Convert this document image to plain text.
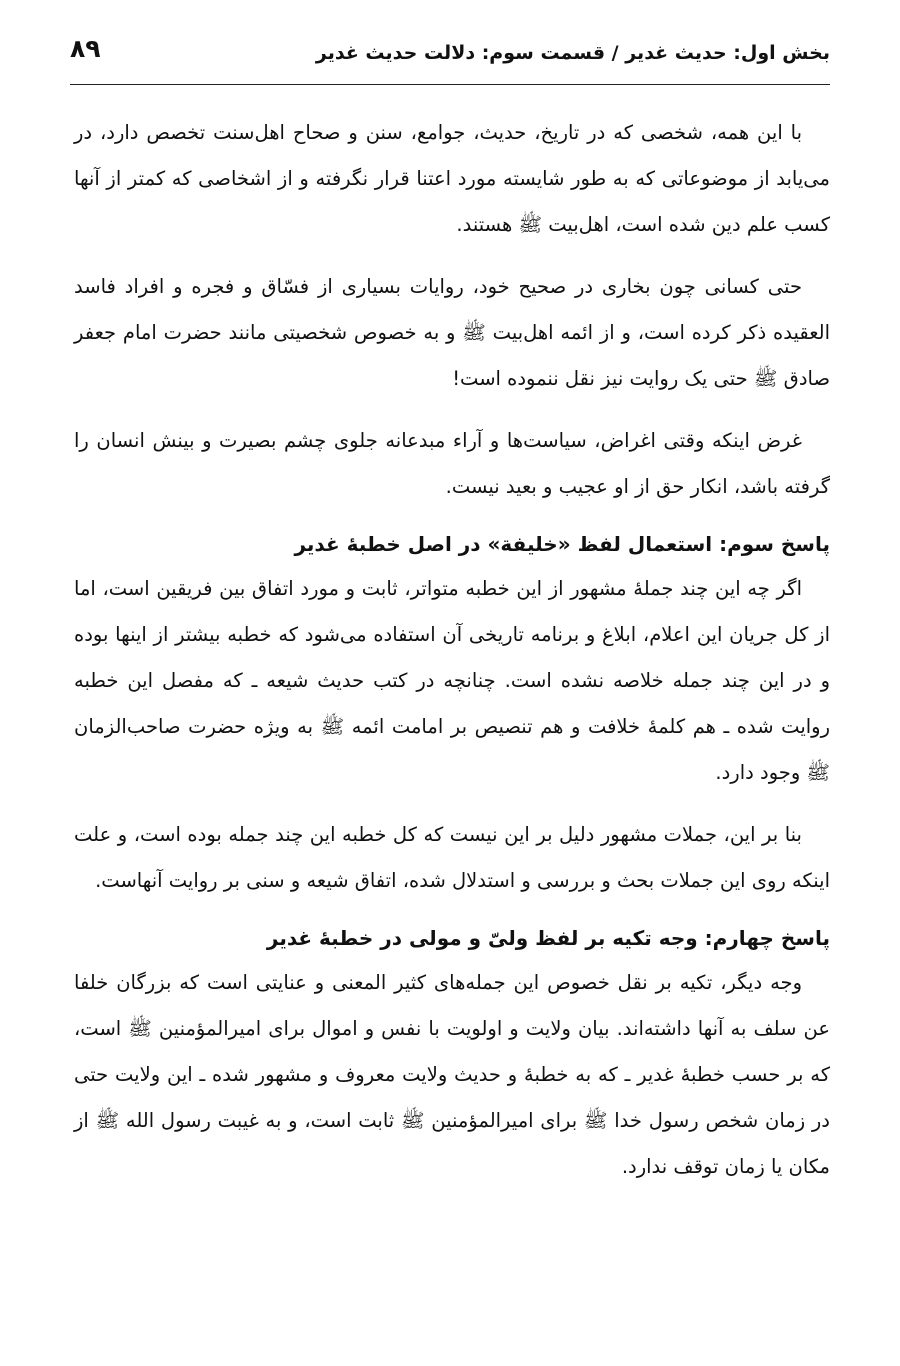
بخش اول: حدیث غدیر / قسمت سوم: دلالت حدیث غدیر
۸۹

با این همه، شخصی که در تاریخ، حدیث، جوامع، سنن و صحاح اهل‌سنت تخصص دارد، در می‌یابد از موضوعاتی که به طور شایسته مورد اعتنا قرار نگرفته و از اشخاصی که کمتر از آنها کسب علم دین شده است، اهل‌بیت ﷺ هستند.

حتی کسانی چون بخاری در صحیح خود، روایات بسیاری از فسّاق و فجره و افراد فاسد العقیده ذکر کرده است، و از ائمه اهل‌بیت ﷺ و به خصوص شخصیتی مانند حضرت امام جعفر صادق ﷺ حتی یک روایت نیز نقل ننموده است!

غرض اینکه وقتی اغراض، سیاست‌ها و آراء مبدعانه جلوی چشم بصیرت و بینش انسان را گرفته باشد، انکار حق از او عجیب و بعید نیست.

پاسخ سوم: استعمال لفظ «خلیفة» در اصل خطبهٔ غدیر

اگر چه این چند جملهٔ مشهور از این خطبه متواتر، ثابت و مورد اتفاق بین فریقین است، اما از کل جریان این اعلام، ابلاغ و برنامه تاریخی آن استفاده می‌شود که خطبه بیشتر از اینها بوده و در این چند جمله خلاصه نشده است. چنانچه در کتب حدیث شیعه ـ که مفصل این خطبه روایت شده ـ هم کلمهٔ خلافت و هم تنصیص بر امامت ائمه ﷺ به ویژه حضرت صاحب‌الزمان ﷺ وجود دارد.

بنا بر این، جملات مشهور دلیل بر این نیست که کل خطبه این چند جمله بوده است، و علت اینکه روی این جملات بحث و بررسی و استدلال شده، اتفاق شیعه و سنی بر روایت آنهاست.

پاسخ چهارم: وجه تکیه بر لفظ ولیّ و مولی در خطبهٔ غدیر

وجه دیگر، تکیه بر نقل خصوص این جمله‌های کثیر المعنی و عنایتی است که بزرگان خلفا عن سلف به آنها داشته‌اند. بیان ولایت و اولویت با نفس و اموال برای امیرالمؤمنین ﷺ است، که بر حسب خطبهٔ غدیر ـ که به خطبهٔ و حدیث ولایت معروف و مشهور شده ـ این ولایت حتی در زمان شخص رسول خدا ﷺ برای امیرالمؤمنین ﷺ ثابت است، و به غیبت رسول الله ﷺ از مکان یا زمان توقف ندارد.
